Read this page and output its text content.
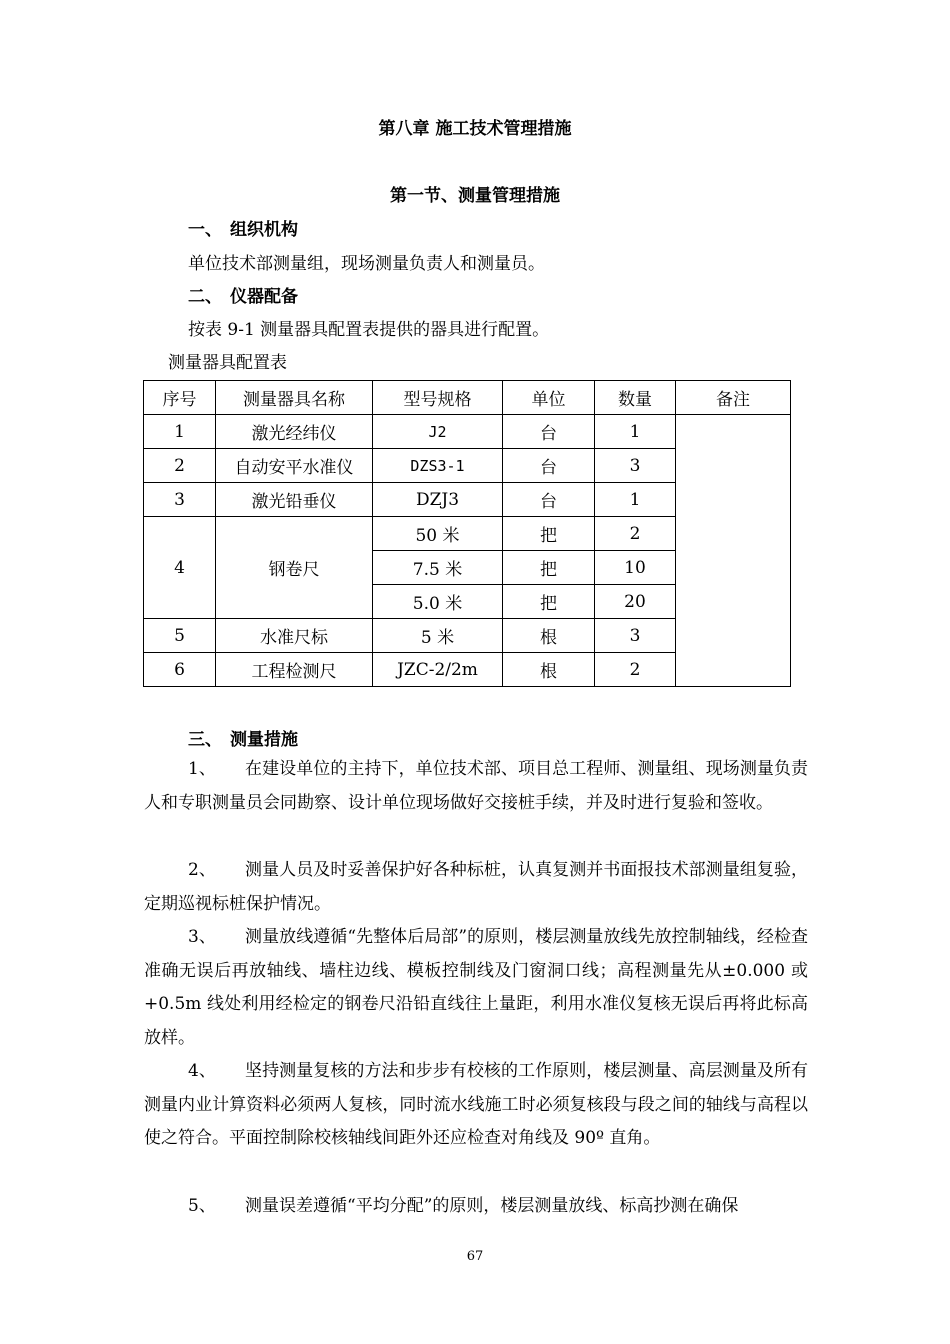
第八章 施工技术管理措施
第一节、测量管理措施
一、 组织机构
单位技术部测量组，现场测量负责人和测量员。
二、 仪器配备
按表 9-1 测量器具配置表提供的器具进行配置。
测量器具配置表
序号	测量器具名称	型号规格	单位	数量	备注
1	激光经纬仪	J2	台	1	
2	自动安平水准仪	DZS3-1	台	3	
3	激光铅垂仪	DZJ3	台	1	
4	钢卷尺	50 米	把	2	
		7.5 米	把	10	
		5.0 米	把	20	
5	水准尺标	5 米	根	3	
6	工程检测尺	JZC-2/2m	根	2	
三、 测量措施
1、 在建设单位的主持下，单位技术部、项目总工程师、测量组、现场测量负责人和专职测量员会同勘察、设计单位现场做好交接桩手续，并及时进行复验和签收。
2、 测量人员及时妥善保护好各种标桩，认真复测并书面报技术部测量组复验，定期巡视标桩保护情况。
3、 测量放线遵循“先整体后局部”的原则，楼层测量放线先放控制轴线，经检查准确无误后再放轴线、墙柱边线、模板控制线及门窗洞口线；高程测量先从±0.000 或+0.5m 线处利用经检定的钢卷尺沿铅直线往上量距，利用水准仪复核无误后再将此标高放样。
4、 坚持测量复核的方法和步步有校核的工作原则，楼层测量、高层测量及所有测量内业计算资料必须两人复核，同时流水线施工时必须复核段与段之间的轴线与高程以使之符合。平面控制除校核轴线间距外还应检查对角线及 90º 直角。
5、 测量误差遵循“平均分配”的原则，楼层测量放线、标高抄测在确保
67
